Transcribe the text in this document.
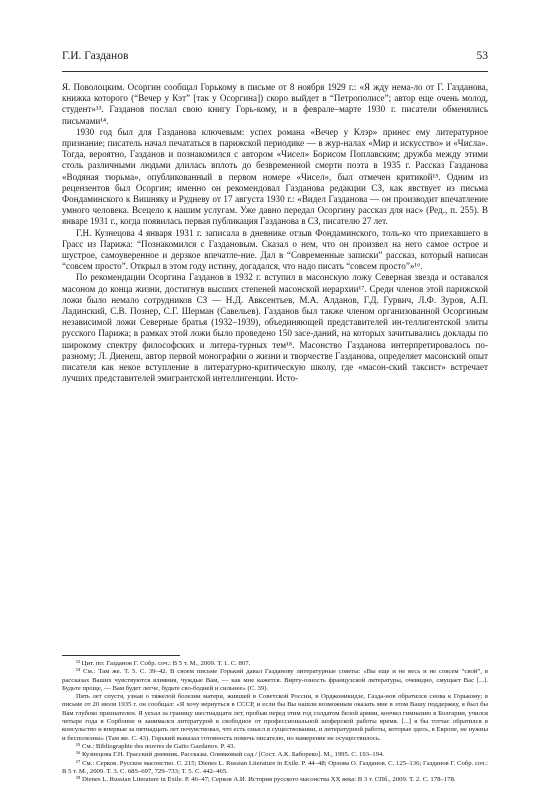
Г.И. Газданов	53

Я. Поволоцким. Осоргин сообщал Горькому в письме от 8 ноября 1929 г.: «Я жду нема-ло от Г. Газданова, книжка которого (“Вечер у Кэт” [так у Осоргина]) скоро выйдет в “Петрополисе”; автор еще очень молод, студент»¹³. Газданов послал свою книгу Горь-кому, и в феврале–марте 1930 г. писатели обменялись письмами¹⁴.

1930 год был для Газданова ключевым: успех романа «Вечер у Клэр» принес ему литературное признание; писатель начал печататься в парижской периодике — в жур-налах «Мир и искусство» и «Числа». Тогда, вероятно, Газданов и познакомился с автором «Чисел» Борисом Поплавским; дружба между этими столь различными людьми длилась вплоть до безвременной смерти поэта в 1935 г. Рассказ Газданова «Водяная тюрьма», опубликованный в первом номере «Чисел», был отмечен критикой¹⁵. Одним из рецензентов был Осоргин; именно он рекомендовал Газданова редакции СЗ, как явствует из письма Фондаминского к Вишняку и Рудневу от 17 августа 1930 г.: «Видел Газданова — он производит впечатление умного человека. Всецело к нашим услугам. Уже давно передал Осоргину рассказ для нас» (Ред., п. 255). В январе 1931 г., когда появилась первая публикация Газданова в СЗ, писателю 27 лет.

Г.Н. Кузнецова 4 января 1931 г. записала в дневнике отзыв Фондаминского, толь-ко что приехавшего в Грасс из Парижа: “Познакомился с Газдановым. Сказал о нем, что он произвел на него самое острое и шустрое, самоуверенное и дерзкое впечатле-ние. Дал в “Современные записки” рассказ, который написан “совсем просто”. Открыл в этом году истину, догадался, что надо писать “совсем просто”»¹⁶.

По рекомендации Осоргина Газданов в 1932 г. вступил в масонскую ложу Северная звезда и оставался масоном до конца жизни, достигнув высших степеней масонской иерархии¹⁷. Среди членов этой парижской ложи было немало сотрудников СЗ — Н.Д. Авксентьев, М.А. Алданов, Г.Д. Гурвич, Л.Ф. Зуров, А.П. Ладинский, С.В. Познер, С.Г. Шерман (Савельев). Газданов был также членом организованной Осоргиным независимой ложи Северные братья (1932–1939), объединяющей представителей ин-теллигентской элиты русского Парижа; в рамках этой ложи было проведено 150 засе-даний, на которых зачитывались доклады по широкому спектру философских и литера-турных тем¹⁸. Масонство Газданова интерпретировалось по-разному; Л. Диенеш, автор первой монографии о жизни и творчестве Газданова, определяет масонский опыт писателя как некое вступление в литературно-критическую школу, где «масон-ский таксист» встречает лучших представителей эмигрантской интеллигенции. Исто-

¹³ Цит. по: Газданов Г. Собр. соч.: В 5 т. М., 2009. Т. 1. С. 807.

¹⁴ См.: Там же. Т. 5. С. 39–42. В своем письме Горький давал Газданову литературные советы: «Вы еще и не весь и не совсем “свой”, в рассказах Ваших чувствуются влияния, чуждые Вам, — как мне кажется. Вирту-озность французской литературы, очевидно, смущает Вас [...]. Будьте проще, — Вам будет легче, будьте сво-бодней и сильнее» (С. 39).

Пять лет спустя, узнав о тяжелой болезни матери, жившей в Советской России, в Орджоникидзе, Газда-нов обратился снова к Горькому; в письме от 20 июля 1935 г. он сообщал: «Я хочу вернуться в СССР, и если бы Вы нашли возможным оказать мне в этом Вашу поддержку, я был бы Вам глубоко признателен. Я уехал за границу шестнадцати лет, пробыв перед этим год солдатом белой армии, кончил гимназию в Болгарии, учился четыре года в Сорбонне и занимался литературой в свободное от профессиональной шоферской работы время. [...] я бы тотчас обратился в консульство и впервые за пятнадцать лет почувствовал, что есть смысл в существовании, и литературной работы, которые здесь, в Европе, не нужны и бесполезны» (Там же. С. 43). Горький выказал готовность помочь писателю, но намерение не осуществилось.

¹⁵ См.: Bibliographie des œuvres de Gaïto Gazdanov. P. 43.

¹⁶ Кузнецова Г.Н. Грасский дневник. Рассказы. Оливковый сад / [Сост. А.К. Бабореко]. М., 1995. С. 193–194.

¹⁷ См.: Серков. Русское масонство. С. 215; Dienes L. Russian Literature in Exile. P. 44–48; Орлова О. Газданов. С. 125–136; Газданов Г. Собр. соч.: В 5 т. М., 2009. Т. 3. С. 685–697, 729–733; Т. 5. С. 442–465.

¹⁸ Dienes L. Russian Literature in Exile. P. 46–47; Серков А.И. История русского масонства XX века: В 3 т. СПб., 2009. Т. 2. С. 178–178.
